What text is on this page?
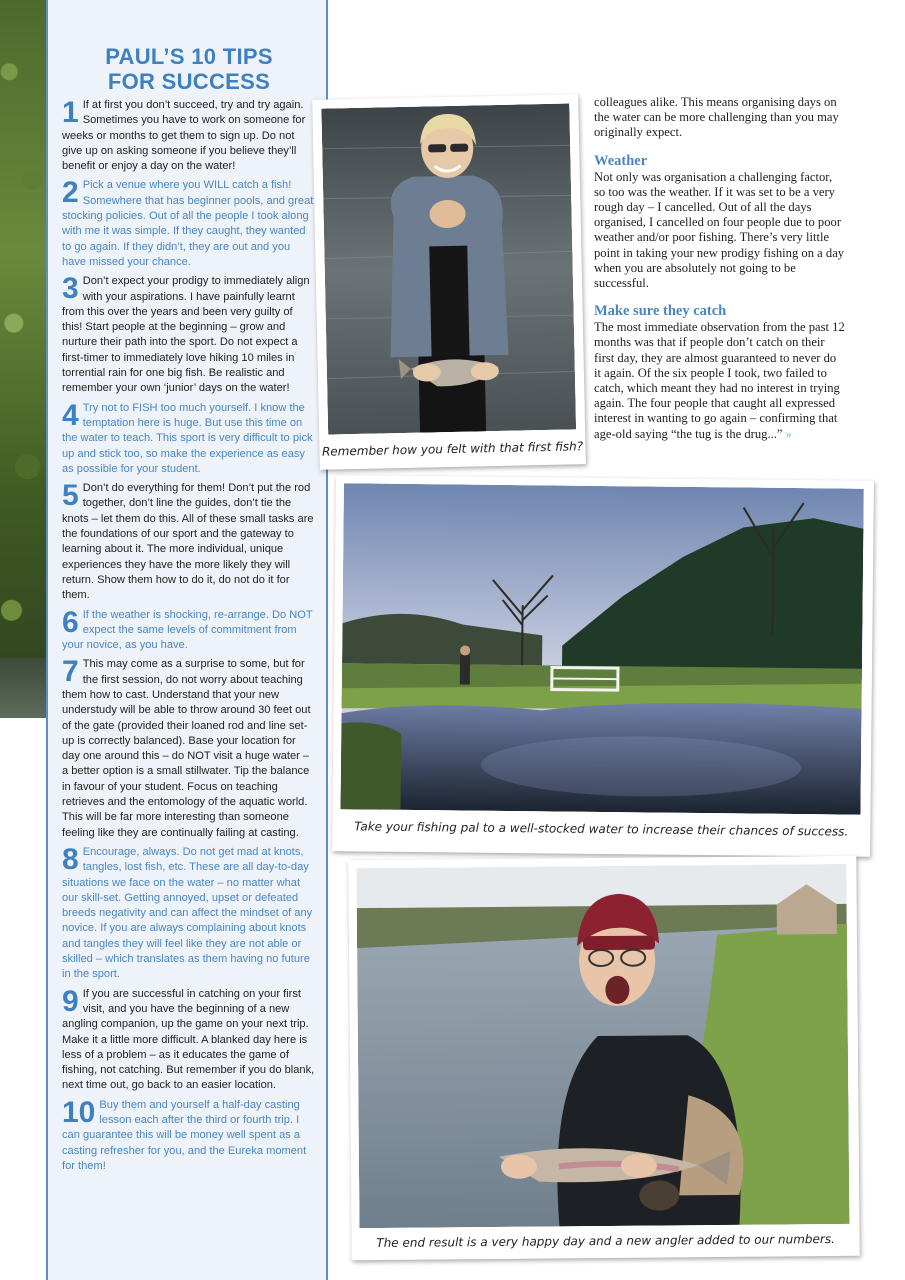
PAUL’S 10 TIPS
FOR SUCCESS
1 If at first you don’t succeed, try and try again. Sometimes you have to work on someone for weeks or months to get them to sign up. Do not give up on asking someone if you believe they’ll benefit or enjoy a day on the water!
2 Pick a venue where you WILL catch a fish! Somewhere that has beginner pools, and great stocking policies. Out of all the people I took along with me it was simple. If they caught, they wanted to go again. If they didn’t, they are out and you have missed your chance.
3 Don’t expect your prodigy to immediately align with your aspirations. I have painfully learnt from this over the years and been very guilty of this! Start people at the beginning – grow and nurture their path into the sport. Do not expect a first-timer to immediately love hiking 10 miles in torrential rain for one big fish. Be realistic and remember your own ‘junior’ days on the water!
4 Try not to FISH too much yourself. I know the temptation here is huge. But use this time on the water to teach. This sport is very difficult to pick up and stick too, so make the experience as easy as possible for your student.
5 Don’t do everything for them! Don’t put the rod together, don’t line the guides, don’t tie the knots – let them do this. All of these small tasks are the foundations of our sport and the gateway to learning about it. The more individual, unique experiences they have the more likely they will return. Show them how to do it, do not do it for them.
6 If the weather is shocking, re-arrange. Do NOT expect the same levels of commitment from your novice, as you have.
7 This may come as a surprise to some, but for the first session, do not worry about teaching them how to cast. Understand that your new understudy will be able to throw around 30 feet out of the gate (provided their loaned rod and line set-up is correctly balanced). Base your location for day one around this – do NOT visit a huge water – a better option is a small stillwater. Tip the balance in favour of your student. Focus on teaching retrieves and the entomology of the aquatic world. This will be far more interesting than someone feeling like they are continually failing at casting.
8 Encourage, always. Do not get mad at knots, tangles, lost fish, etc. These are all day-to-day situations we face on the water – no matter what our skill-set. Getting annoyed, upset or defeated breeds negativity and can affect the mindset of any novice. If you are always complaining about knots and tangles they will feel like they are not able or skilled – which translates as them having no future in the sport.
9 If you are successful in catching on your first visit, and you have the beginning of a new angling companion, up the game on your next trip. Make it a little more difficult. A blanked day here is less of a problem – as it educates the game of fishing, not catching. But remember if you do blank, next time out, go back to an easier location.
10 Buy them and yourself a half-day casting lesson each after the third or fourth trip. I can guarantee this will be money well spent as a casting refresher for you, and the Eureka moment for them!
Remember how you felt with that first fish?

colleagues alike. This means organising days on the water can be more challenging than you may originally expect.

Weather

Not only was organisation a challenging factor, so too was the weather. If it was set to be a very rough day – I cancelled. Out of all the days organised, I cancelled on four people due to poor weather and/or poor fishing. There’s very little point in taking your new prodigy fishing on a day when you are absolutely not going to be successful.

Make sure they catch

The most immediate observation from the past 12 months was that if people don’t catch on their first day, they are almost guaranteed to never do it again. Of the six people I took, two failed to catch, which meant they had no interest in trying again. The four people that caught all expressed interest in wanting to go again – confirming that age-old saying “the tug is the drug...” »

Take your fishing pal to a well-stocked water to increase their chances of success.
The end result is a very happy day and a new angler added to our numbers.
